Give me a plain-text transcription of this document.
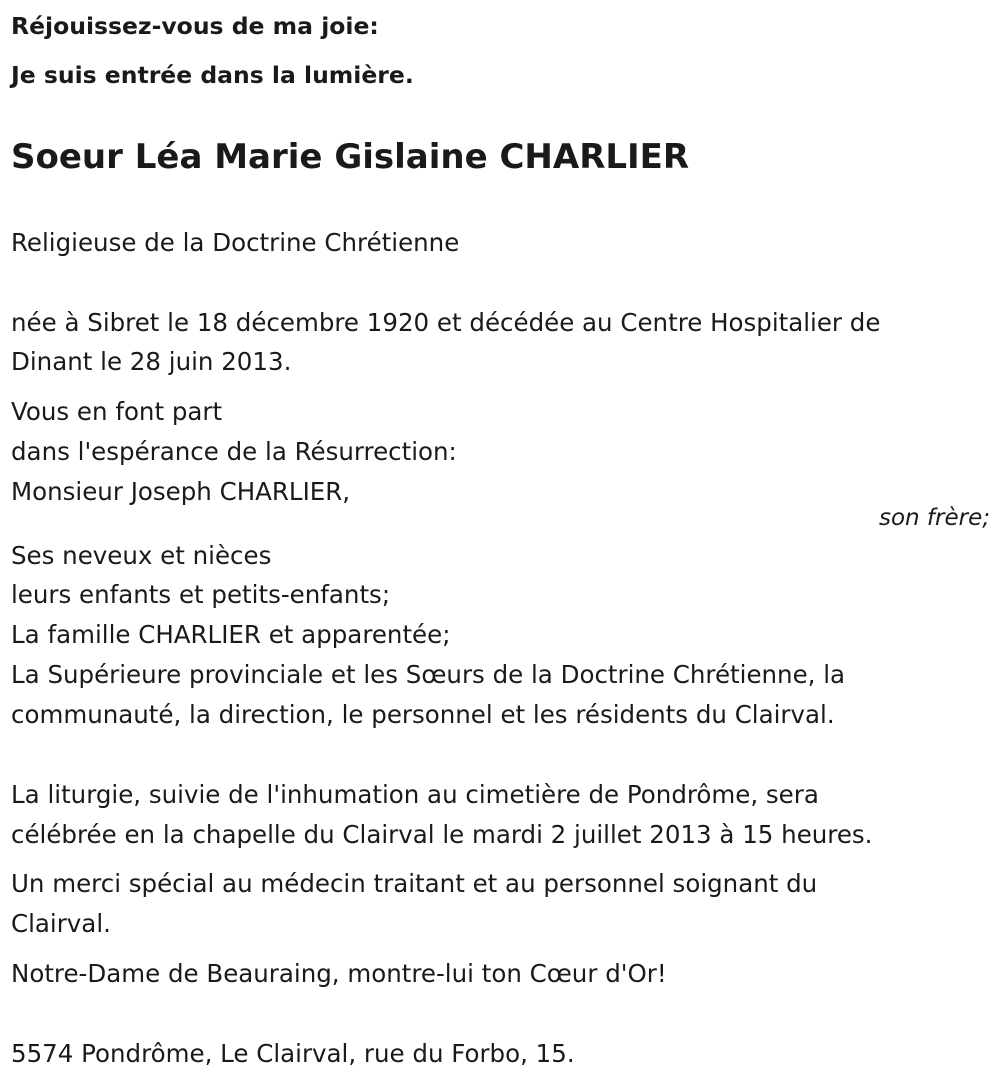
Réjouissez-vous de ma joie:
Je suis entrée dans la lumière.
Soeur Léa Marie Gislaine CHARLIER
Religieuse de la Doctrine Chrétienne
née à Sibret le 18 décembre 1920 et décédée au Centre Hospitalier de
Dinant le 28 juin 2013.
Vous en font part
dans l'espérance de la Résurrection:
Monsieur Joseph CHARLIER,
son frère;
Ses neveux et nièces
leurs enfants et petits-enfants;
La famille CHARLIER et apparentée;
La Supérieure provinciale et les Sœurs de la Doctrine Chrétienne, la
communauté, la direction, le personnel et les résidents du Clairval.
La liturgie, suivie de l'inhumation au cimetière de Pondrôme, sera
célébrée en la chapelle du Clairval le mardi 2 juillet 2013 à 15 heures.
Un merci spécial au médecin traitant et au personnel soignant du
Clairval.
Notre-Dame de Beauraing, montre-lui ton Cœur d'Or!
5574 Pondrôme, Le Clairval, rue du Forbo, 15.
